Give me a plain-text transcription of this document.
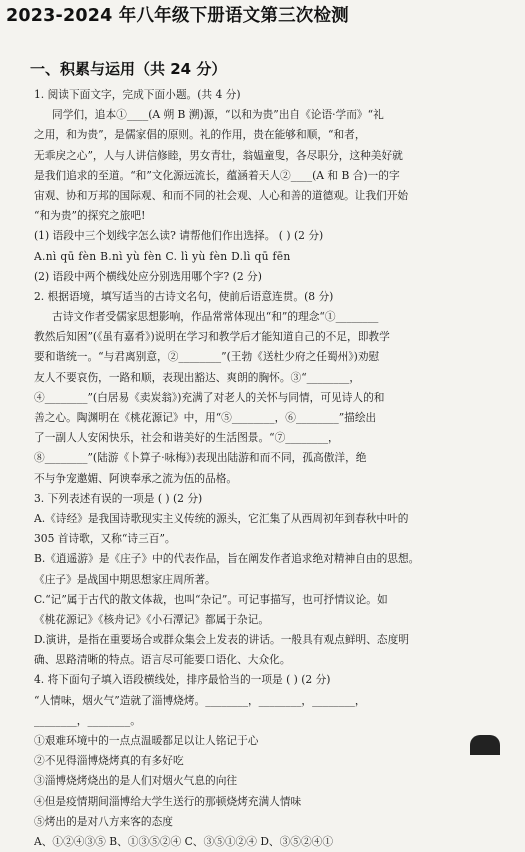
2023-2024 年八年级下册语文第三次检测
一、积累与运用（共 24 分）
1. 阅读下面文字，完成下面小题。(共 4 分)
同学们，追本①____(A 朔 B 溯)源，“以和为贵”出自《论语·学而》“礼
之用，和为贵”，是儒家倡的原则。礼的作用，贵在能够和顺，“和者，
无乖戾之心”，人与人讲信修睦，男女青壮，翁媪童叟，各尽职分，这种美好就
是我们追求的至道。“和”文化源远流长，蕴涵着天人②____(A 和 B 合)一的字
宙观、协和万邦的国际观、和而不同的社会观、人心和善的道德观。让我们开始
“和为贵”的探究之旅吧!
(1) 语段中三个划线字怎么读? 请帮他们作出选择。 ( ) (2 分)
A.nì qū fèn B.nì yù fèn C. lì yù fèn D.lì qū fēn
(2) 语段中两个横线处应分别选用哪个字? (2 分)
2. 根据语境，填写适当的古诗文名句，使前后语意连贯。(8 分)
古诗文作者受儒家思想影响，作品常常体现出“和”的理念“①________
教然后知困”(《虽有嘉肴》)说明在学习和教学后才能知道自己的不足，即教学
要和谐统一。“与君离别意，②________”(王勃《送杜少府之任蜀州》)劝慰
友人不要哀伤，一路和顺，表现出豁达、爽朗的胸怀。③“________，
④________”(白居易《卖炭翁》)充满了对老人的关怀与同情，可见诗人的和
善之心。陶渊明在《桃花源记》中，用“⑤________，⑥________”描绘出
了一副人人安闲快乐，社会和谐美好的生活图景。“⑦________，
⑧________”(陆游《卜算子·咏梅》)表现出陆游和而不同，孤高傲洋，绝
不与争宠邀媚、阿谀奉承之流为伍的品格。
3. 下列表述有误的一项是 ( ) (2 分)
A.《诗经》是我国诗歌现实主义传统的源头，它汇集了从西周初年到春秋中叶的
305 首诗歌，又称“诗三百”。
B.《逍遥游》是《庄子》中的代表作品，旨在阐发作者追求绝对精神自由的思想。
《庄子》是战国中期思想家庄周所著。
C.“记”属于古代的散文体裁，也叫“杂记”。可记事描写，也可抒情议论。如
《桃花源记》《核舟记》《小石潭记》都属于杂记。
D.演讲，是指在重要场合或群众集会上发表的讲话。一般具有观点鲜明、态度明
确、思路清晰的特点。语言尽可能要口语化、大众化。
4. 将下面句子填入语段横线处，排序最恰当的一项是 ( ) (2 分)
“人情味，烟火气”造就了淄博烧烤。________，________，________，
________，________。
①艰难环境中的一点点温暖都足以让人铭记于心
②不见得淄博烧烤真的有多好吃
③淄博烧烤烧出的是人们对烟火气息的向往
④但是疫情期间淄博给大学生送行的那顿烧烤充满人情味
⑤烤出的是对八方来客的态度
A、①②④③⑤ B、①③⑤②④ C、③⑤①②④ D、③⑤②④①
